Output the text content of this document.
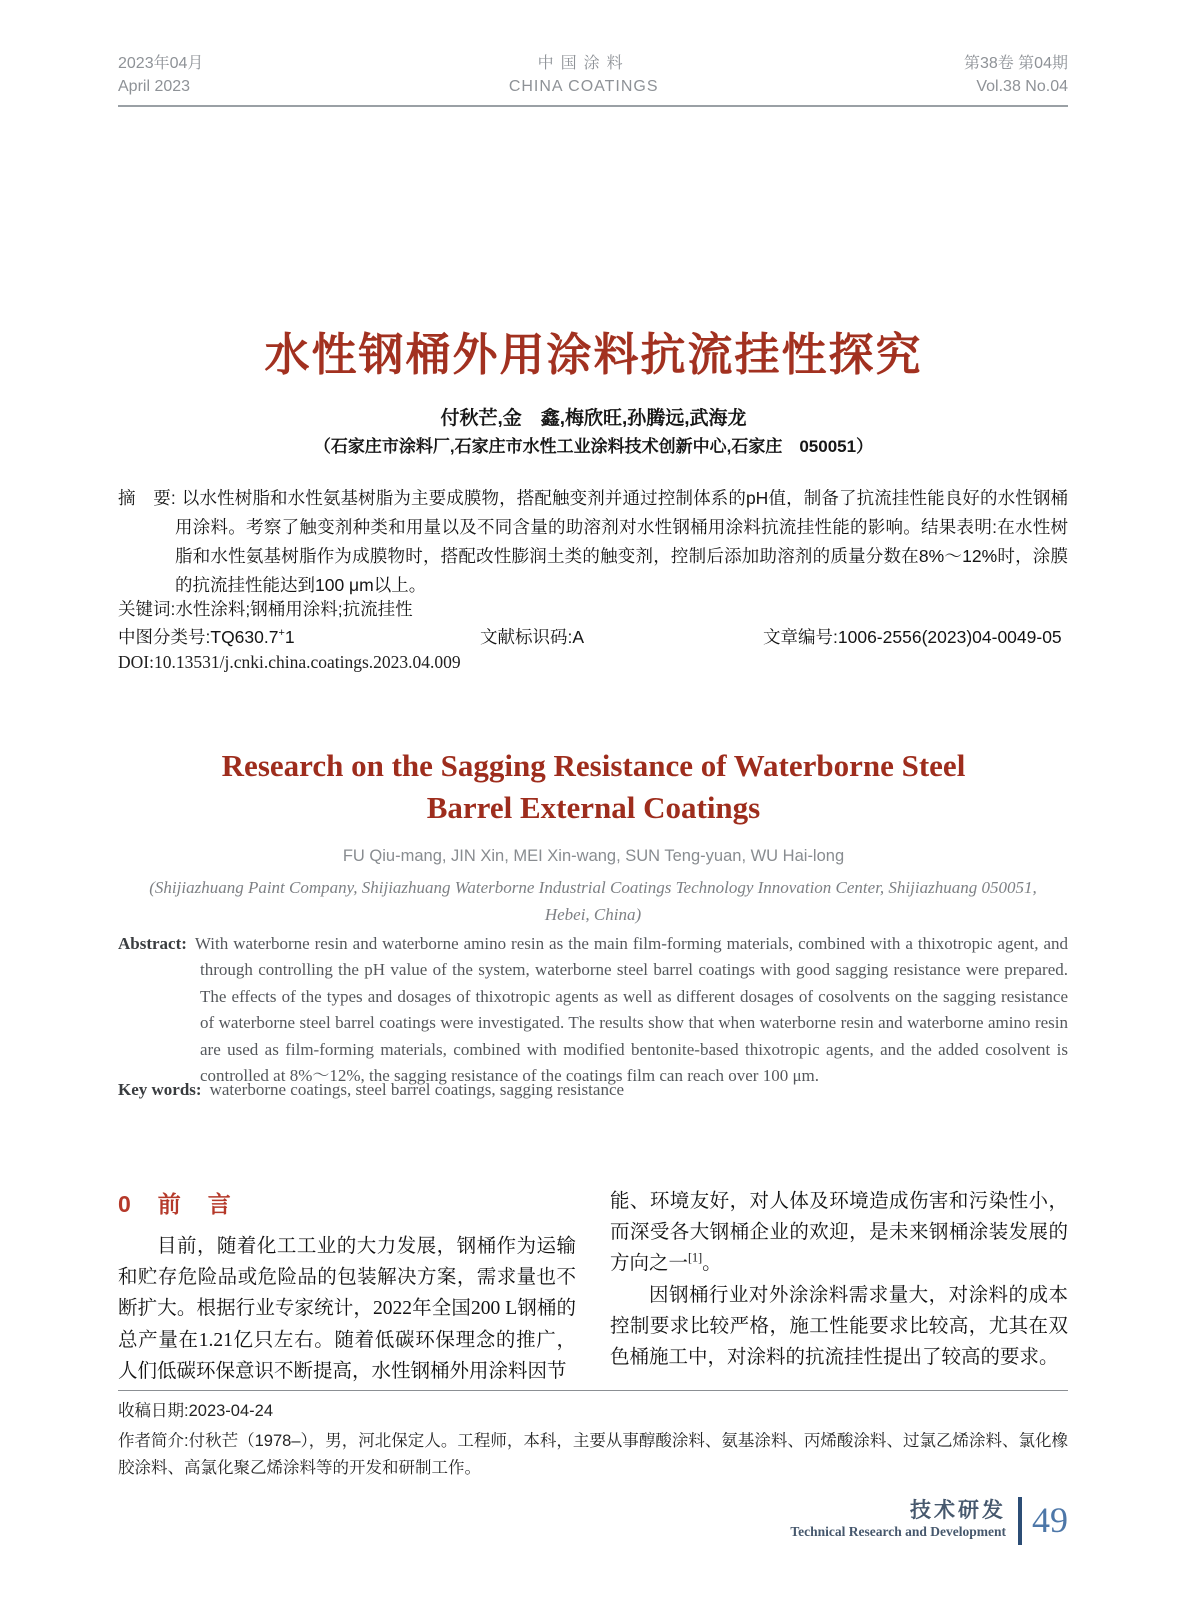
2023年04月
April 2023
中国涂料
CHINA COATINGS
第38卷 第04期
Vol.38 No.04
水性钢桶外用涂料抗流挂性探究
付秋芒,金　鑫,梅欣旺,孙腾远,武海龙
（石家庄市涂料厂,石家庄市水性工业涂料技术创新中心,石家庄　050051）

摘　要: 以水性树脂和水性氨基树脂为主要成膜物，搭配触变剂并通过控制体系的pH值，制备了抗流挂性能良好的水性钢桶用涂料。考察了触变剂种类和用量以及不同含量的助溶剂对水性钢桶用涂料抗流挂性能的影响。结果表明:在水性树脂和水性氨基树脂作为成膜物时，搭配改性膨润土类的触变剂，控制后添加助溶剂的质量分数在8%～12%时，涂膜的抗流挂性能达到100 μm以上。

关键词:水性涂料;钢桶用涂料;抗流挂性

中图分类号:TQ630.7+1	文献标识码:A	文章编号:1006-2556(2023)04-0049-05
DOI:10.13531/j.cnki.china.coatings.2023.04.009
Research on the Sagging Resistance of Waterborne Steel
Barrel External Coatings
FU Qiu-mang, JIN Xin, MEI Xin-wang, SUN Teng-yuan, WU Hai-long
(Shijiazhuang Paint Company, Shijiazhuang Waterborne Industrial Coatings Technology Innovation Center, Shijiazhuang 050051, Hebei, China)

Abstract: With waterborne resin and waterborne amino resin as the main film-forming materials, combined with a thixotropic agent, and through controlling the pH value of the system, waterborne steel barrel coatings with good sagging resistance were prepared. The effects of the types and dosages of thixotropic agents as well as different dosages of cosolvents on the sagging resistance of waterborne steel barrel coatings were investigated. The results show that when waterborne resin and waterborne amino resin are used as film-forming materials, combined with modified bentonite-based thixotropic agents, and the added cosolvent is controlled at 8%～12%, the sagging resistance of the coatings film can reach over 100 μm.

Key words: waterborne coatings, steel barrel coatings, sagging resistance

0　前　言

目前，随着化工工业的大力发展，钢桶作为运输和贮存危险品或危险品的包装解决方案，需求量也不断扩大。根据行业专家统计，2022年全国200 L钢桶的总产量在1.21亿只左右。随着低碳环保理念的推广，人们低碳环保意识不断提高，水性钢桶外用涂料因节

能、环境友好，对人体及环境造成伤害和污染性小，而深受各大钢桶企业的欢迎，是未来钢桶涂装发展的方向之一[1]。

因钢桶行业对外涂涂料需求量大，对涂料的成本控制要求比较严格，施工性能要求比较高，尤其在双色桶施工中，对涂料的抗流挂性提出了较高的要求。

收稿日期:2023-04-24
作者简介:付秋芒（1978–），男，河北保定人。工程师，本科，主要从事醇酸涂料、氨基涂料、丙烯酸涂料、过氯乙烯涂料、氯化橡胶涂料、高氯化聚乙烯涂料等的开发和研制工作。
技术研发
Technical Research and Development 49
